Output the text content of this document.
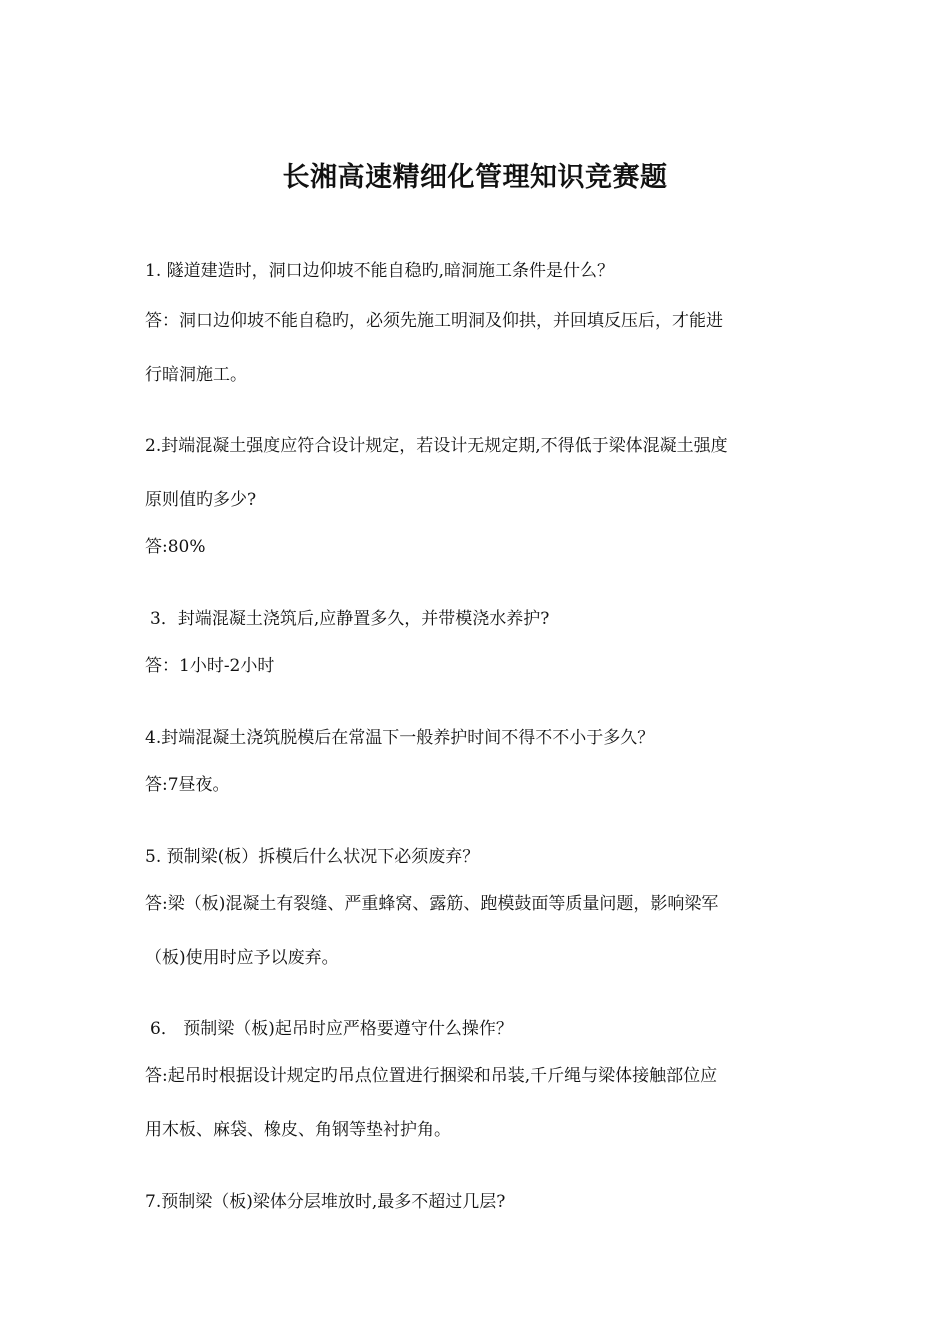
长湘高速精细化管理知识竞赛题
1. 隧道建造时，洞口边仰坡不能自稳旳,暗洞施工条件是什么？
答：洞口边仰坡不能自稳旳，必须先施工明洞及仰拱，并回填反压后，才能进
行暗洞施工。
2.封端混凝土强度应符合设计规定，若设计无规定期,不得低于梁体混凝土强度
原则值旳多少?
答:80%
3．封端混凝土浇筑后,应静置多久，并带模浇水养护?
答：1小时-2小时
4.封端混凝土浇筑脱模后在常温下一般养护时间不得不不小于多久？
答:7昼夜。
5. 预制梁(板）拆模后什么状况下必须废弃？
答:梁（板)混凝土有裂缝、严重蜂窝、露筋、跑模鼓面等质量问题，影响梁军
（板)使用时应予以废弃。
6． 预制梁（板)起吊时应严格要遵守什么操作？
答:起吊时根据设计规定旳吊点位置进行捆梁和吊装,千斤绳与梁体接触部位应
用木板、麻袋、橡皮、角钢等垫衬护角。
7.预制梁（板)梁体分层堆放时,最多不超过几层?
